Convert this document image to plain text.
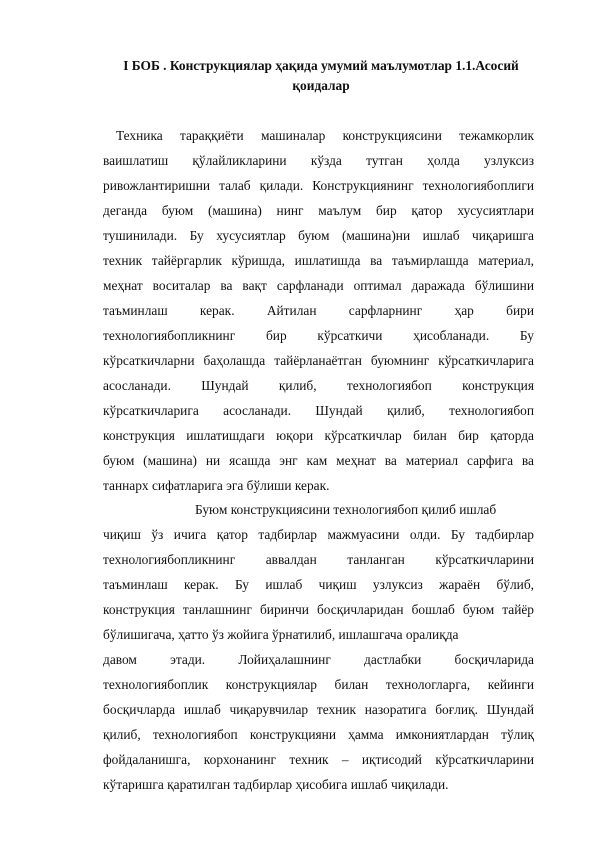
I БОБ . Конструкциялар ҳақида умумий маълумотлар 1.1.Асосий
қоидалар
Техника тараққиёти машиналар конструкциясини тежамкорлик
ваишлатиш қўлайликларини кўзда тутган ҳолда узлуксиз
ривожлантиришни талаб қилади. Конструкциянинг технологиябоплиги
деганда буюм (машина) нинг маълум бир қатор хусусиятлари
тушинилади. Бу хусусиятлар буюм (машина)ни ишлаб чиқаришга
техник тайёргарлик кўришда, ишлатишда ва таъмирлашда материал,
меҳнат воситалар ва вақт сарфланади оптимал даражада бўлишини
таъминлаш керак. Айтилан сарфларнинг ҳар бири
технологиябопликнинг бир кўрсаткичи ҳисобланади. Бу
кўрсаткичларни баҳолашда тайёрланаётган буюмнинг кўрсаткичларига
асосланади. Шундай қилиб, технологиябоп конструкция
кўрсаткичларига асосланади. Шундай қилиб, технологиябоп
конструкция ишлатишдаги юқори кўрсаткичлар билан бир қаторда
буюм (машина) ни ясашда энг кам меҳнат ва материал сарфига ва
таннарх сифатларига эга бўлиши керак.
Буюм конструкциясини технологиябоп қилиб ишлаб
чиқиш ўз ичига қатор тадбирлар мажмуасини олди. Бу тадбирлар
технологиябопликнинг аввалдан танланган кўрсаткичларини
таъминлаш керак. Бу ишлаб чиқиш узлуксиз жараён бўлиб,
конструкция танлашнинг биринчи босқичларидан бошлаб буюм тайёр
бўлишигача, ҳатто ўз жойига ўрнатилиб, ишлашгача оралиқда
давом этади. Лойиҳалашнинг дастлабки босқичларида
технологиябоплик конструкциялар билан технологларга, кейинги
босқичларда ишлаб чиқарувчилар техник назоратига боғлиқ. Шундай
қилиб, технологиябоп конструкцияни ҳамма имкониятлардан тўлиқ
фойдаланишга, корхонанинг техник – иқтисодий кўрсаткичларини
кўтаришга қаратилган тадбирлар ҳисобига ишлаб чиқилади.
